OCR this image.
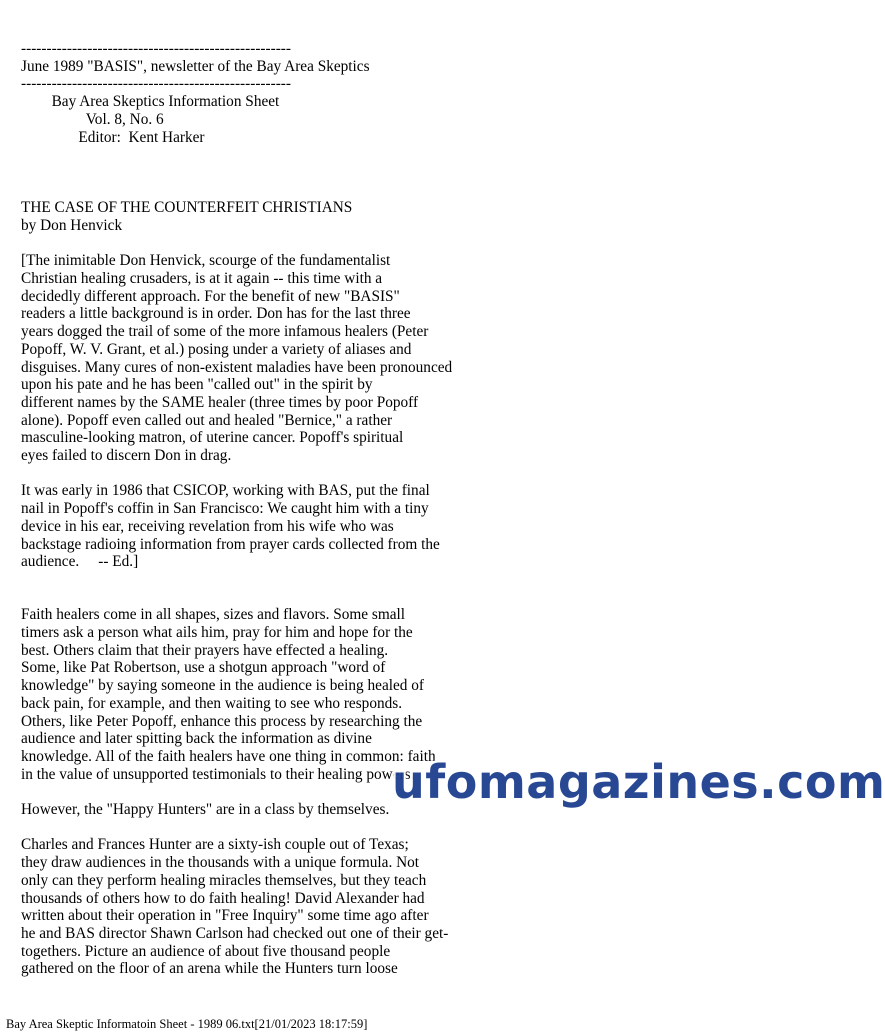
-----------------------------------------------------
June 1989 "BASIS", newsletter of the Bay Area Skeptics
-----------------------------------------------------
Bay Area Skeptics Information Sheet
Vol. 8, No. 6
Editor:  Kent Harker
THE CASE OF THE COUNTERFEIT CHRISTIANS
by Don Henvick
[The inimitable Don Henvick, scourge of the fundamentalist
Christian healing crusaders, is at it again -- this time with a
decidedly different approach. For the benefit of new "BASIS"
readers a little background is in order. Don has for the last three
years dogged the trail of some of the more infamous healers (Peter
Popoff, W. V. Grant, et al.) posing under a variety of aliases and
disguises. Many cures of non-existent maladies have been pronounced
upon his pate and he has been "called out" in the spirit by
different names by the SAME healer (three times by poor Popoff
alone). Popoff even called out and healed "Bernice," a rather
masculine-looking matron, of uterine cancer. Popoff's spiritual
eyes failed to discern Don in drag.
It was early in 1986 that CSICOP, working with BAS, put the final
nail in Popoff's coffin in San Francisco: We caught him with a tiny
device in his ear, receiving revelation from his wife who was
backstage radioing information from prayer cards collected from the
audience.     -- Ed.]
Faith healers come in all shapes, sizes and flavors. Some small
timers ask a person what ails him, pray for him and hope for the
best. Others claim that their prayers have effected a healing.
Some, like Pat Robertson, use a shotgun approach "word of
knowledge" by saying someone in the audience is being healed of
back pain, for example, and then waiting to see who responds.
Others, like Peter Popoff, enhance this process by researching the
audience and later spitting back the information as divine
knowledge. All of the faith healers have one thing in common: faith
in the value of unsupported testimonials to their healing powers.
However, the "Happy Hunters" are in a class by themselves.
Charles and Frances Hunter are a sixty-ish couple out of Texas;
they draw audiences in the thousands with a unique formula. Not
only can they perform healing miracles themselves, but they teach
thousands of others how to do faith healing! David Alexander had
written about their operation in "Free Inquiry" some time ago after
he and BAS director Shawn Carlson had checked out one of their get-
togethers. Picture an audience of about five thousand people
gathered on the floor of an arena while the Hunters turn loose
ufomagazines.com
Bay Area Skeptic Informatoin Sheet - 1989 06.txt[21/01/2023 18:17:59]
